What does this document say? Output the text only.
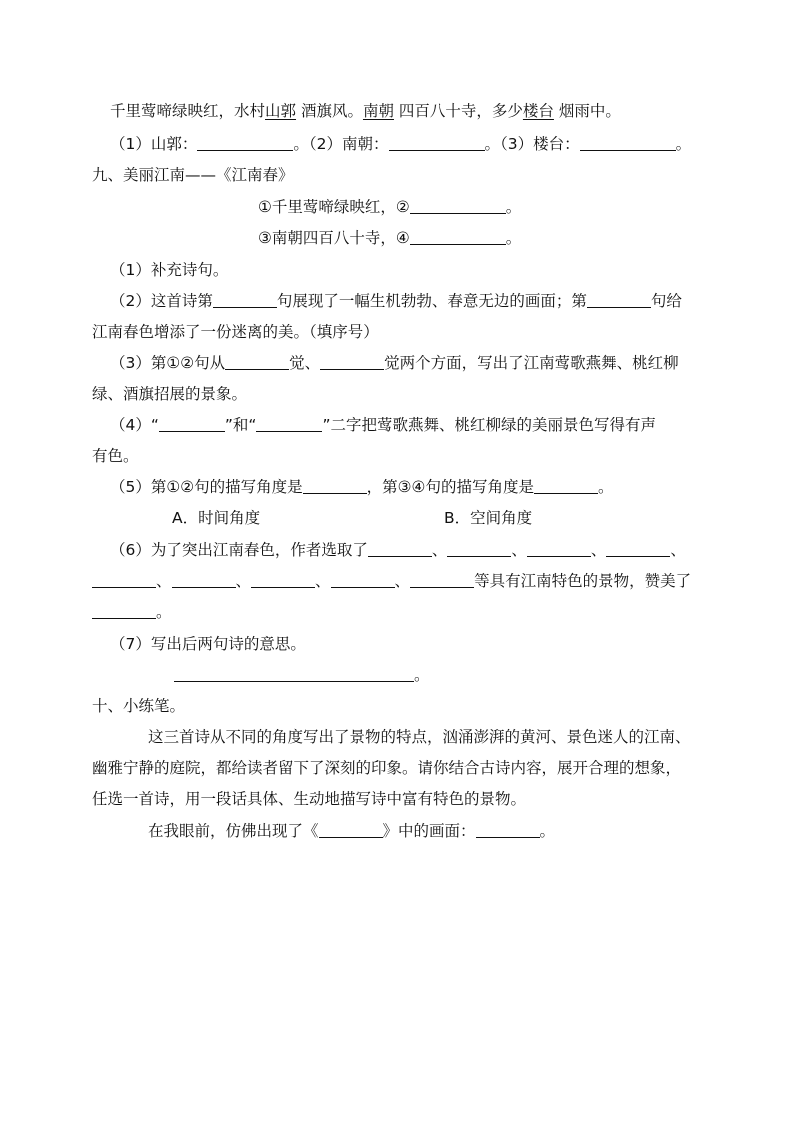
千里莺啼绿映红，水村山郭 酒旗风。南朝 四百八十寺，多少楼台 烟雨中。
（1）山郭：	。（2）南朝：	。（3）楼台：	。
九、美丽江南——《江南春》
①千里莺啼绿映红，②	。
③南朝四百八十寺，④	。
（1）补充诗句。
（2）这首诗第	句展现了一幅生机勃勃、春意无边的画面；第	句给
江南春色增添了一份迷离的美。（填序号）
（3）第①②句从	觉、	觉两个方面，写出了江南莺歌燕舞、桃红柳
绿、酒旗招展的景象。
（4）“	”和“	”二字把莺歌燕舞、桃红柳绿的美丽景色写得有声
有色。
（5）第①②句的描写角度是	，第③④句的描写角度是	。
A．时间角度	B．空间角度
（6）为了突出江南春色，作者选取了	、	、	、	、
、	、	、	、	等具有江南特色的景物，赞美了
。
（7）写出后两句诗的意思。
。
十、小练笔。
这三首诗从不同的角度写出了景物的特点，汹涌澎湃的黄河、景色迷人的江南、
幽雅宁静的庭院，都给读者留下了深刻的印象。请你结合古诗内容，展开合理的想象，
任选一首诗，用一段话具体、生动地描写诗中富有特色的景物。
在我眼前，仿佛出现了《	》中的画面：	。
